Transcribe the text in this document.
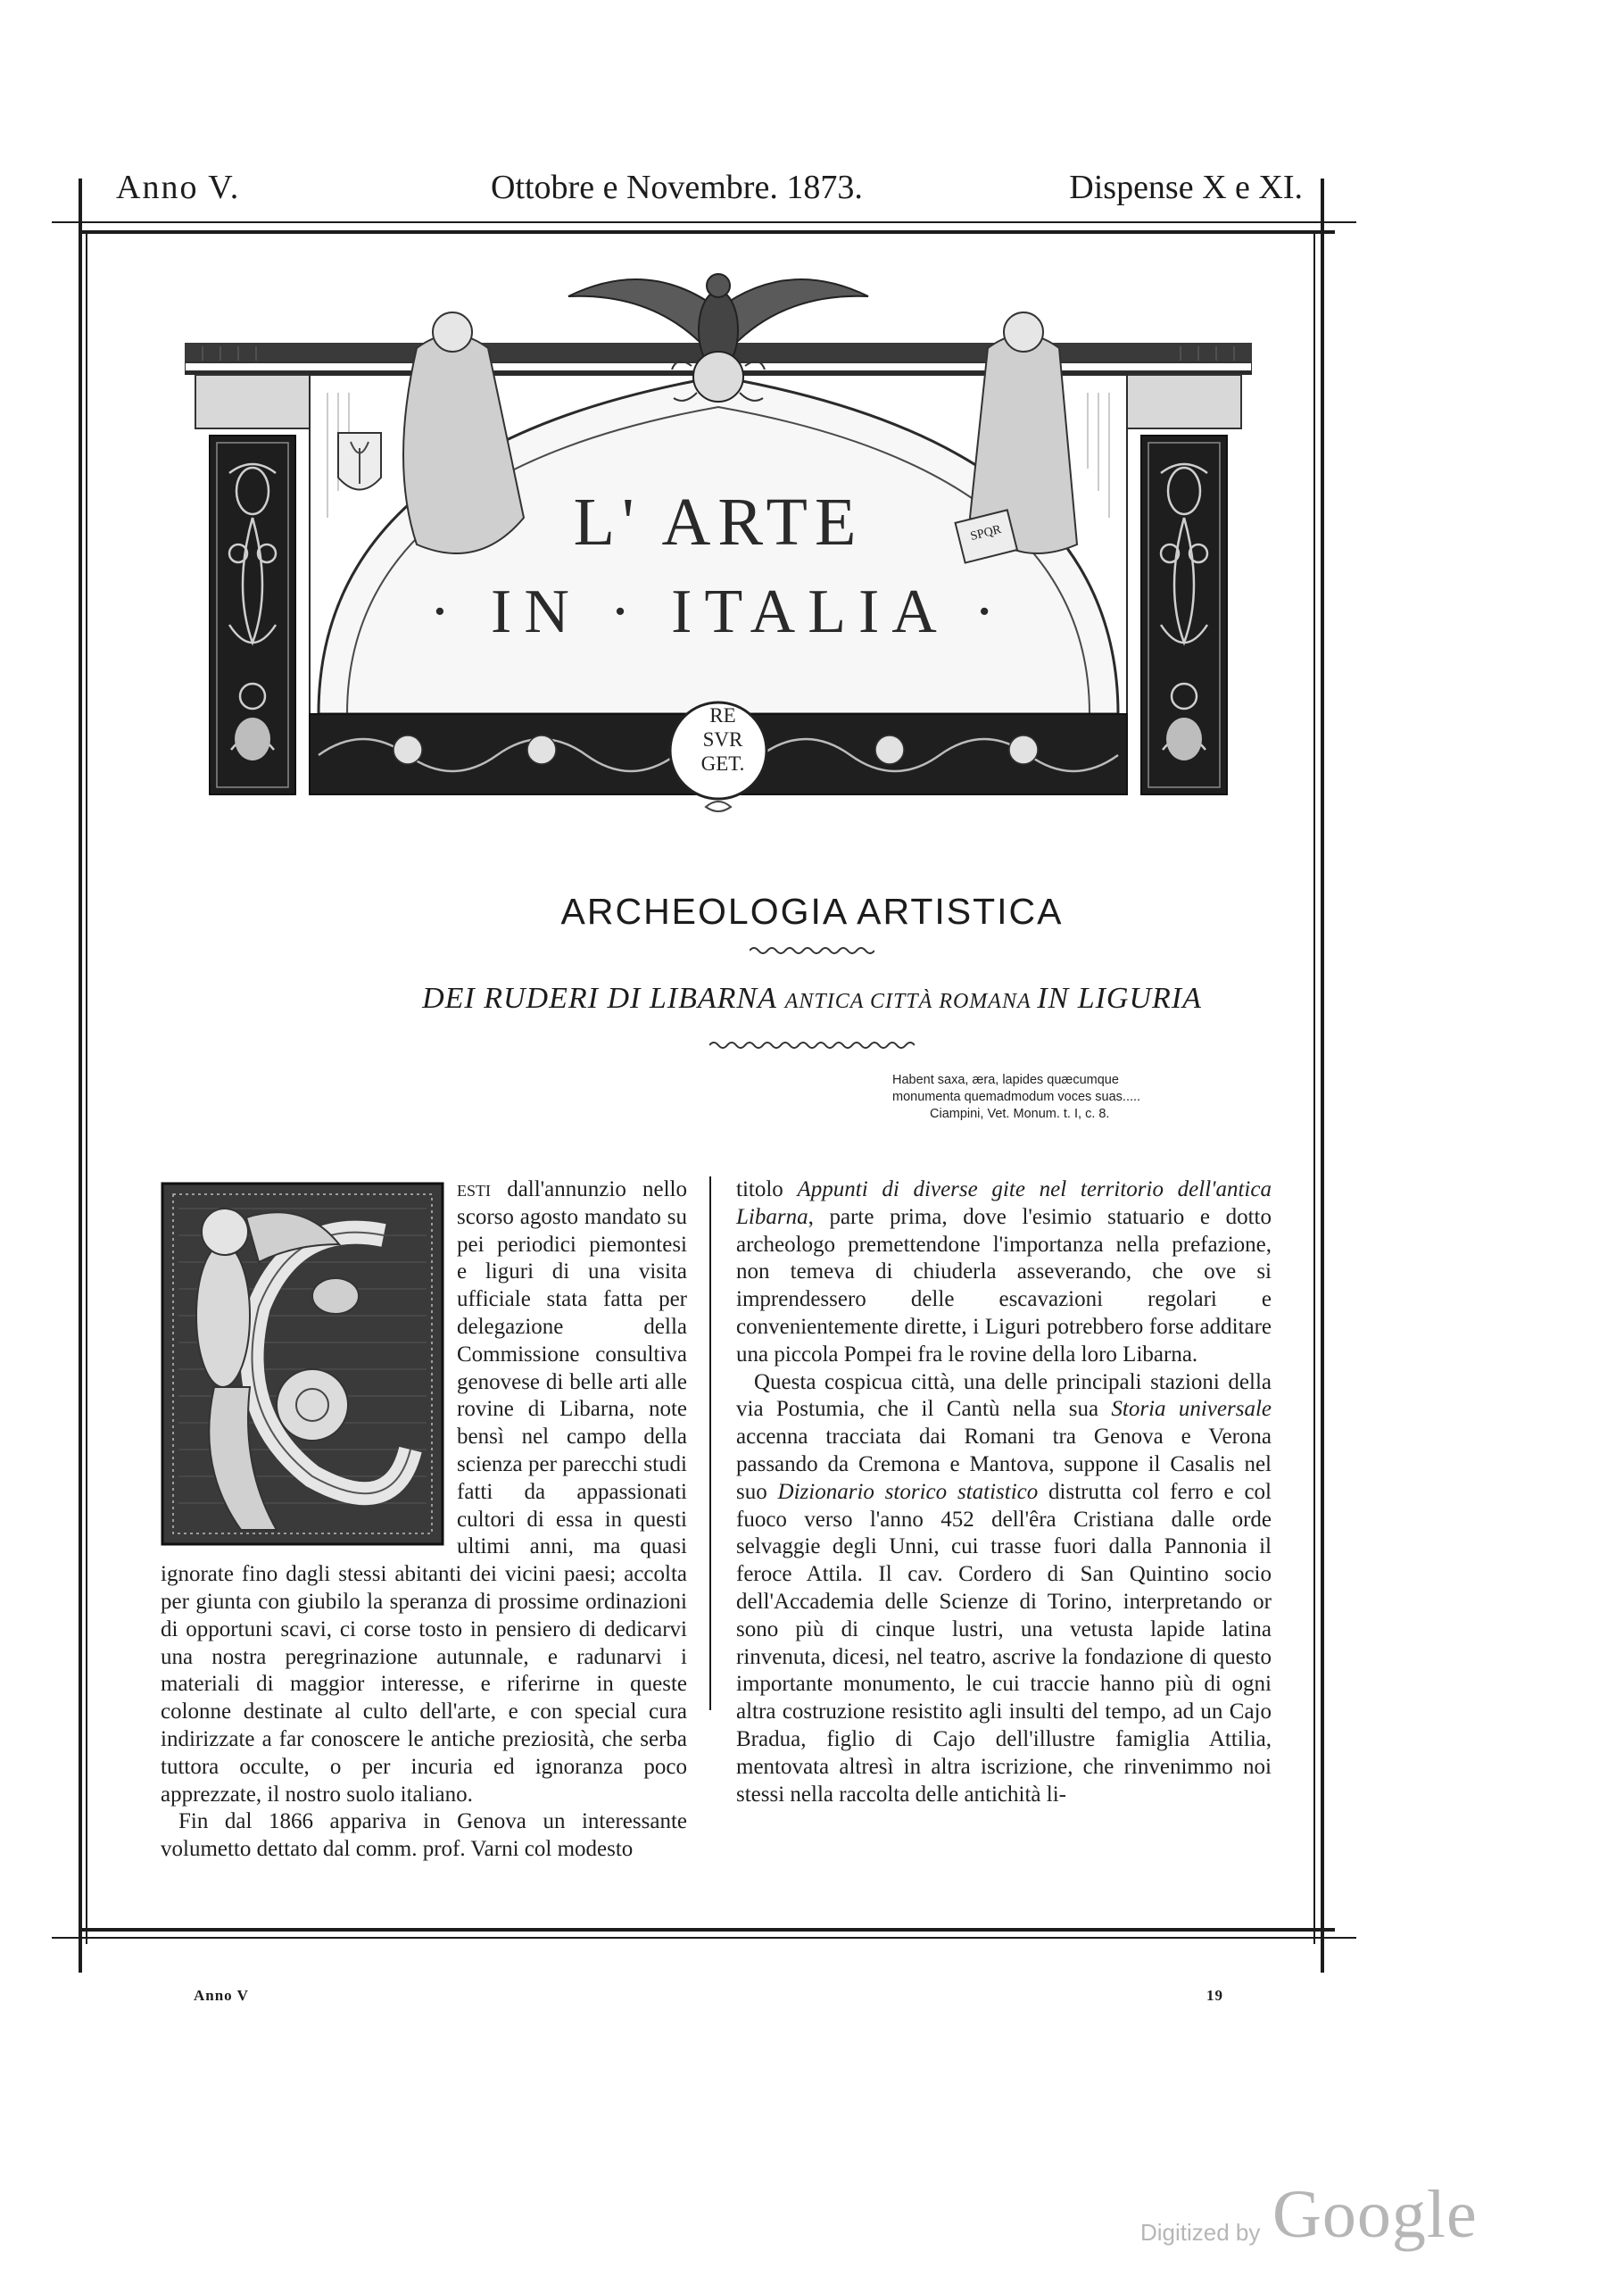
Anno V.	Ottobre e Novembre. 1873.	Dispense X e XI.
L' ARTE
· IN · ITALIA ·
RE
SVR
GET.
SPQR
ARCHEOLOGIA ARTISTICA
DEI RUDERI DI LIBARNA ANTICA CITTÀ ROMANA IN LIGURIA
Habent saxa, æra, lapides quæcumque
monumenta quemadmodum voces suas.....
Ciampini, Vet. Monum. t. I, c. 8.

esti dall'annunzio nello scorso agosto mandato su pei periodici piemontesi e liguri di una visita ufficiale stata fatta per delegazione della Commissione consultiva genovese di belle arti alle rovine di Libarna, note bensì nel campo della scienza per parecchi studi fatti da appassionati cultori di essa in questi ultimi anni, ma quasi ignorate fino dagli stessi abitanti dei vicini paesi; accolta per giunta con giubilo la speranza di prossime ordinazioni di opportuni scavi, ci corse tosto in pensiero di dedicarvi una nostra peregrinazione autunnale, e radunarvi i materiali di maggior interesse, e riferirne in queste colonne destinate al culto dell'arte, e con special cura indirizzate a far conoscere le antiche preziosità, che serba tuttora occulte, o per incuria ed ignoranza poco apprezzate, il nostro suolo italiano.

Fin dal 1866 appariva in Genova un interessante volumetto dettato dal comm. prof. Varni col modesto

titolo Appunti di diverse gite nel territorio dell'antica Libarna, parte prima, dove l'esimio statuario e dotto archeologo premettendone l'importanza nella prefazione, non temeva di chiuderla asseverando, che ove si imprendessero delle escavazioni regolari e convenientemente dirette, i Liguri potrebbero forse additare una piccola Pompei fra le rovine della loro Libarna.

Questa cospicua città, una delle principali stazioni della via Postumia, che il Cantù nella sua Storia universale accenna tracciata dai Romani tra Genova e Verona passando da Cremona e Mantova, suppone il Casalis nel suo Dizionario storico statistico distrutta col ferro e col fuoco verso l'anno 452 dell'êra Cristiana dalle orde selvaggie degli Unni, cui trasse fuori dalla Pannonia il feroce Attila. Il cav. Cordero di San Quintino socio dell'Accademia delle Scienze di Torino, interpretando or sono più di cinque lustri, una vetusta lapide latina rinvenuta, dicesi, nel teatro, ascrive la fondazione di questo importante monumento, le cui traccie hanno più di ogni altra costruzione resistito agli insulti del tempo, ad un Cajo Bradua, figlio di Cajo dell'illustre famiglia Attilia, mentovata altresì in altra iscrizione, che rinvenimmo noi stessi nella raccolta delle antichità li-

Anno V	19
Digitized by Google
